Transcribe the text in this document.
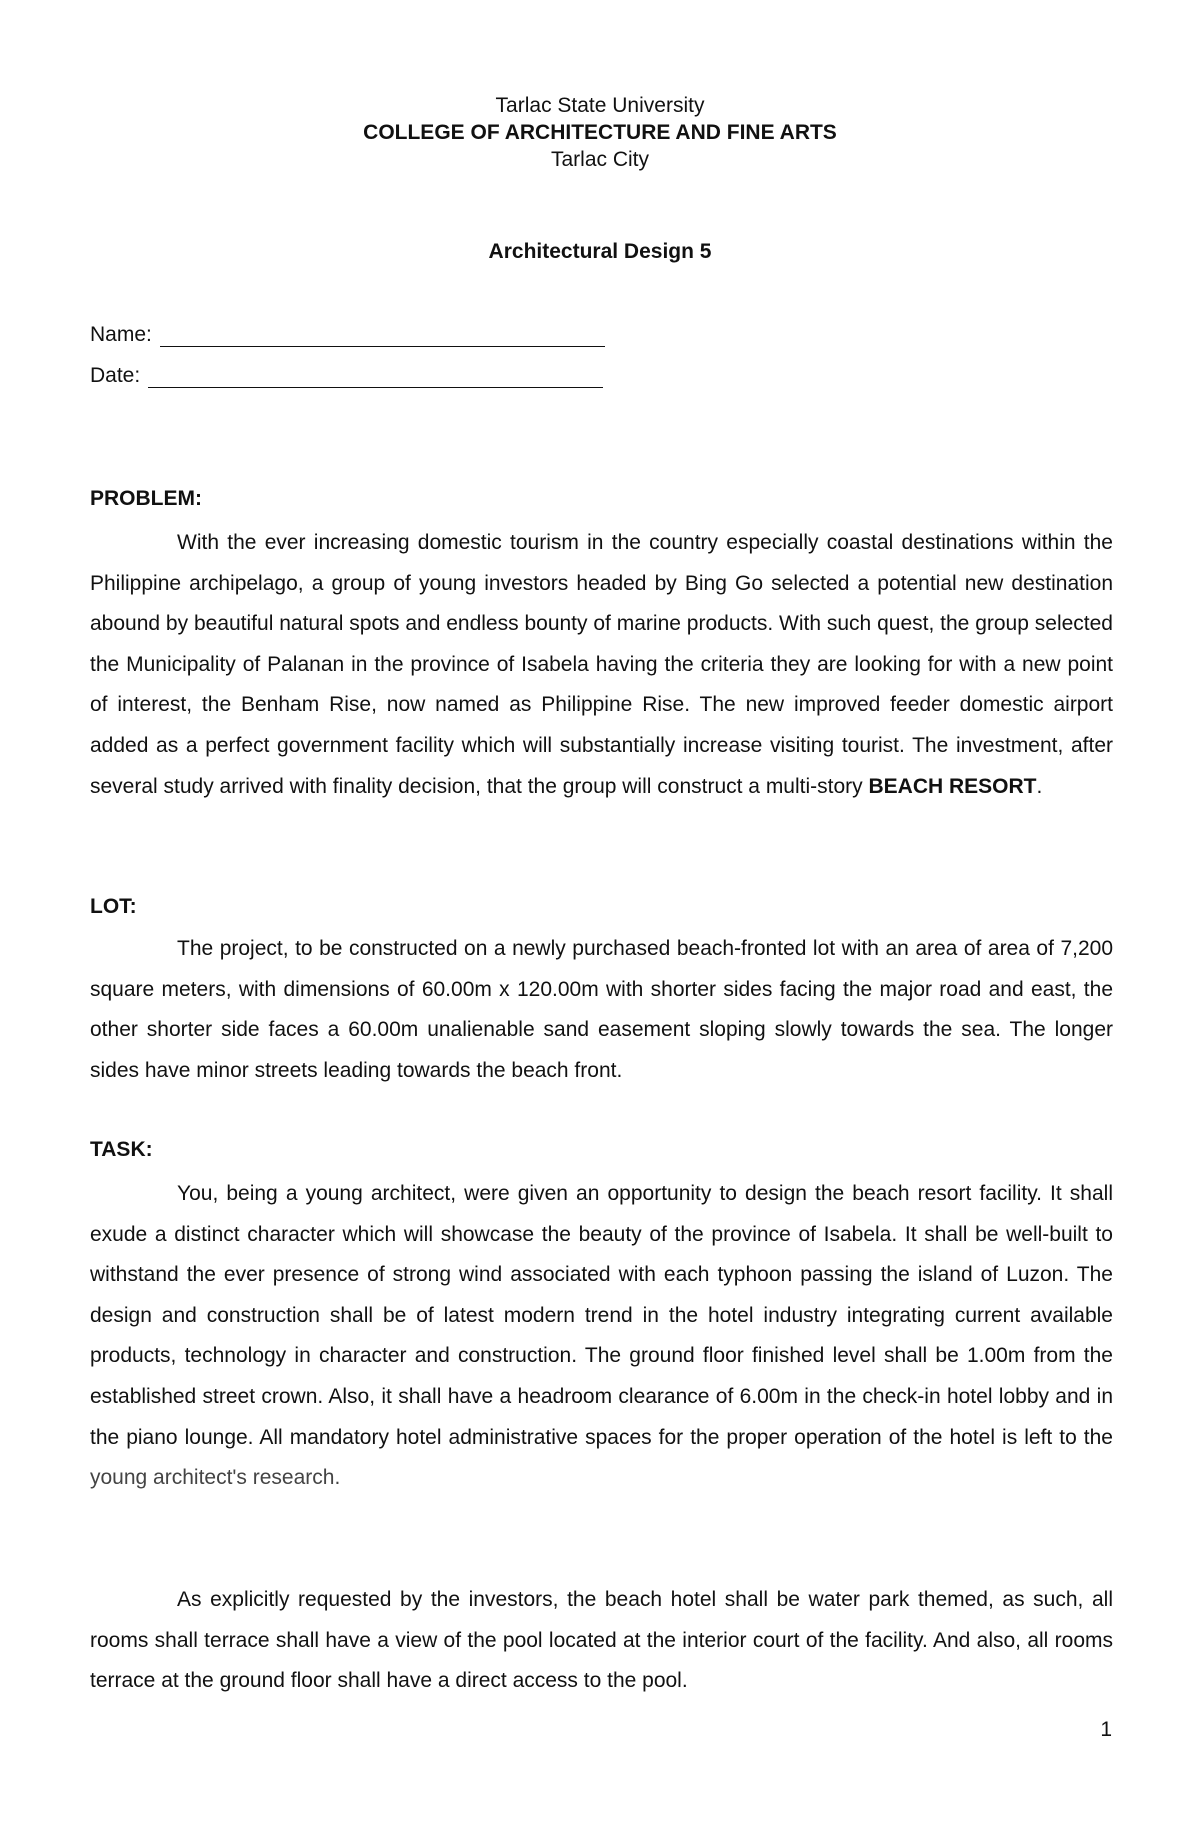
Tarlac State University
COLLEGE OF ARCHITECTURE AND FINE ARTS
Tarlac City
Architectural Design 5
Name:
Date:
PROBLEM:
With the ever increasing domestic tourism in the country especially coastal destinations within the Philippine archipelago, a group of young investors headed by Bing Go selected a potential new destination abound by beautiful natural spots and endless bounty of marine products. With such quest, the group selected the Municipality of Palanan in the province of Isabela having the criteria they are looking for with a new point of interest, the Benham Rise, now named as Philippine Rise. The new improved feeder domestic airport added as a perfect government facility which will substantially increase visiting tourist. The investment, after several study arrived with finality decision, that the group will construct a multi-story BEACH RESORT.
LOT:
The project, to be constructed on a newly purchased beach-fronted lot with an area of area of 7,200 square meters, with dimensions of 60.00m x 120.00m with shorter sides facing the major road and east, the other shorter side faces a 60.00m unalienable sand easement sloping slowly towards the sea. The longer sides have minor streets leading towards the beach front.
TASK:
You, being a young architect, were given an opportunity to design the beach resort facility. It shall exude a distinct character which will showcase the beauty of the province of Isabela. It shall be well-built to withstand the ever presence of strong wind associated with each typhoon passing the island of Luzon. The design and construction shall be of latest modern trend in the hotel industry integrating current available products, technology in character and construction. The ground floor finished level shall be 1.00m from the established street crown. Also, it shall have a headroom clearance of 6.00m in the check-in hotel lobby and in the piano lounge. All mandatory hotel administrative spaces for the proper operation of the hotel is left to the young architect's research.
As explicitly requested by the investors, the beach hotel shall be water park themed, as such, all rooms shall terrace shall have a view of the pool located at the interior court of the facility. And also, all rooms terrace at the ground floor shall have a direct access to the pool.
1
